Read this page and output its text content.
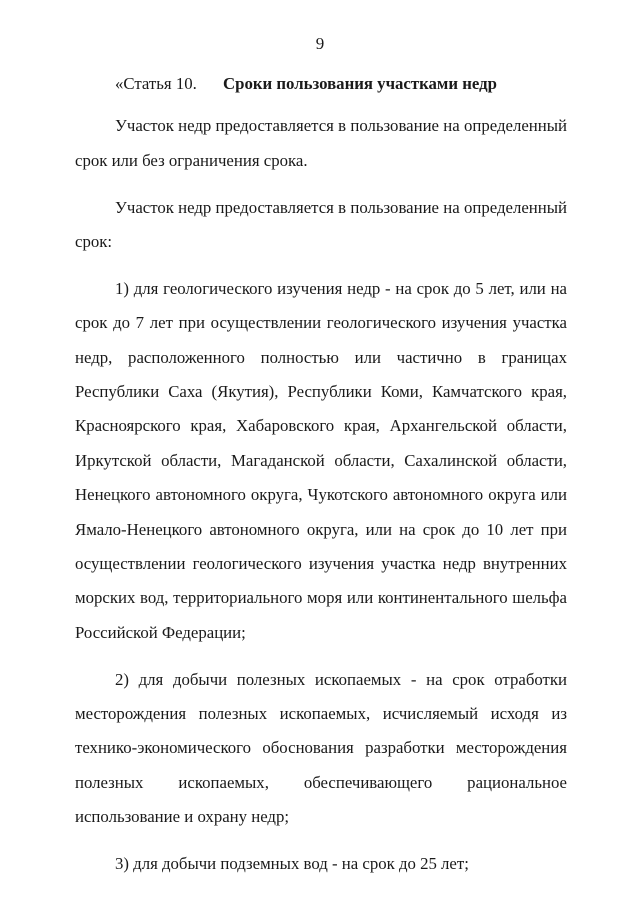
9

«Статья 10. Сроки пользования участками недр

Участок недр предоставляется в пользование на определенный срок или без ограничения срока.

Участок недр предоставляется в пользование на определенный срок:

1) для геологического изучения недр - на срок до 5 лет, или на срок до 7 лет при осуществлении геологического изучения участка недр, расположенного полностью или частично в границах Республики Саха (Якутия), Республики Коми, Камчатского края, Красноярского края, Хабаровского края, Архангельской области, Иркутской области, Магаданской области, Сахалинской области, Ненецкого автономного округа, Чукотского автономного округа или Ямало-Ненецкого автономного округа, или на срок до 10 лет при осуществлении геологического изучения участка недр внутренних морских вод, территориального моря или континентального шельфа Российской Федерации;

2) для добычи полезных ископаемых - на срок отработки месторождения полезных ископаемых, исчисляемый исходя из технико-экономического обоснования разработки месторождения полезных ископаемых, обеспечивающего рациональное использование и охрану недр;

3) для добычи подземных вод - на срок до 25 лет;
